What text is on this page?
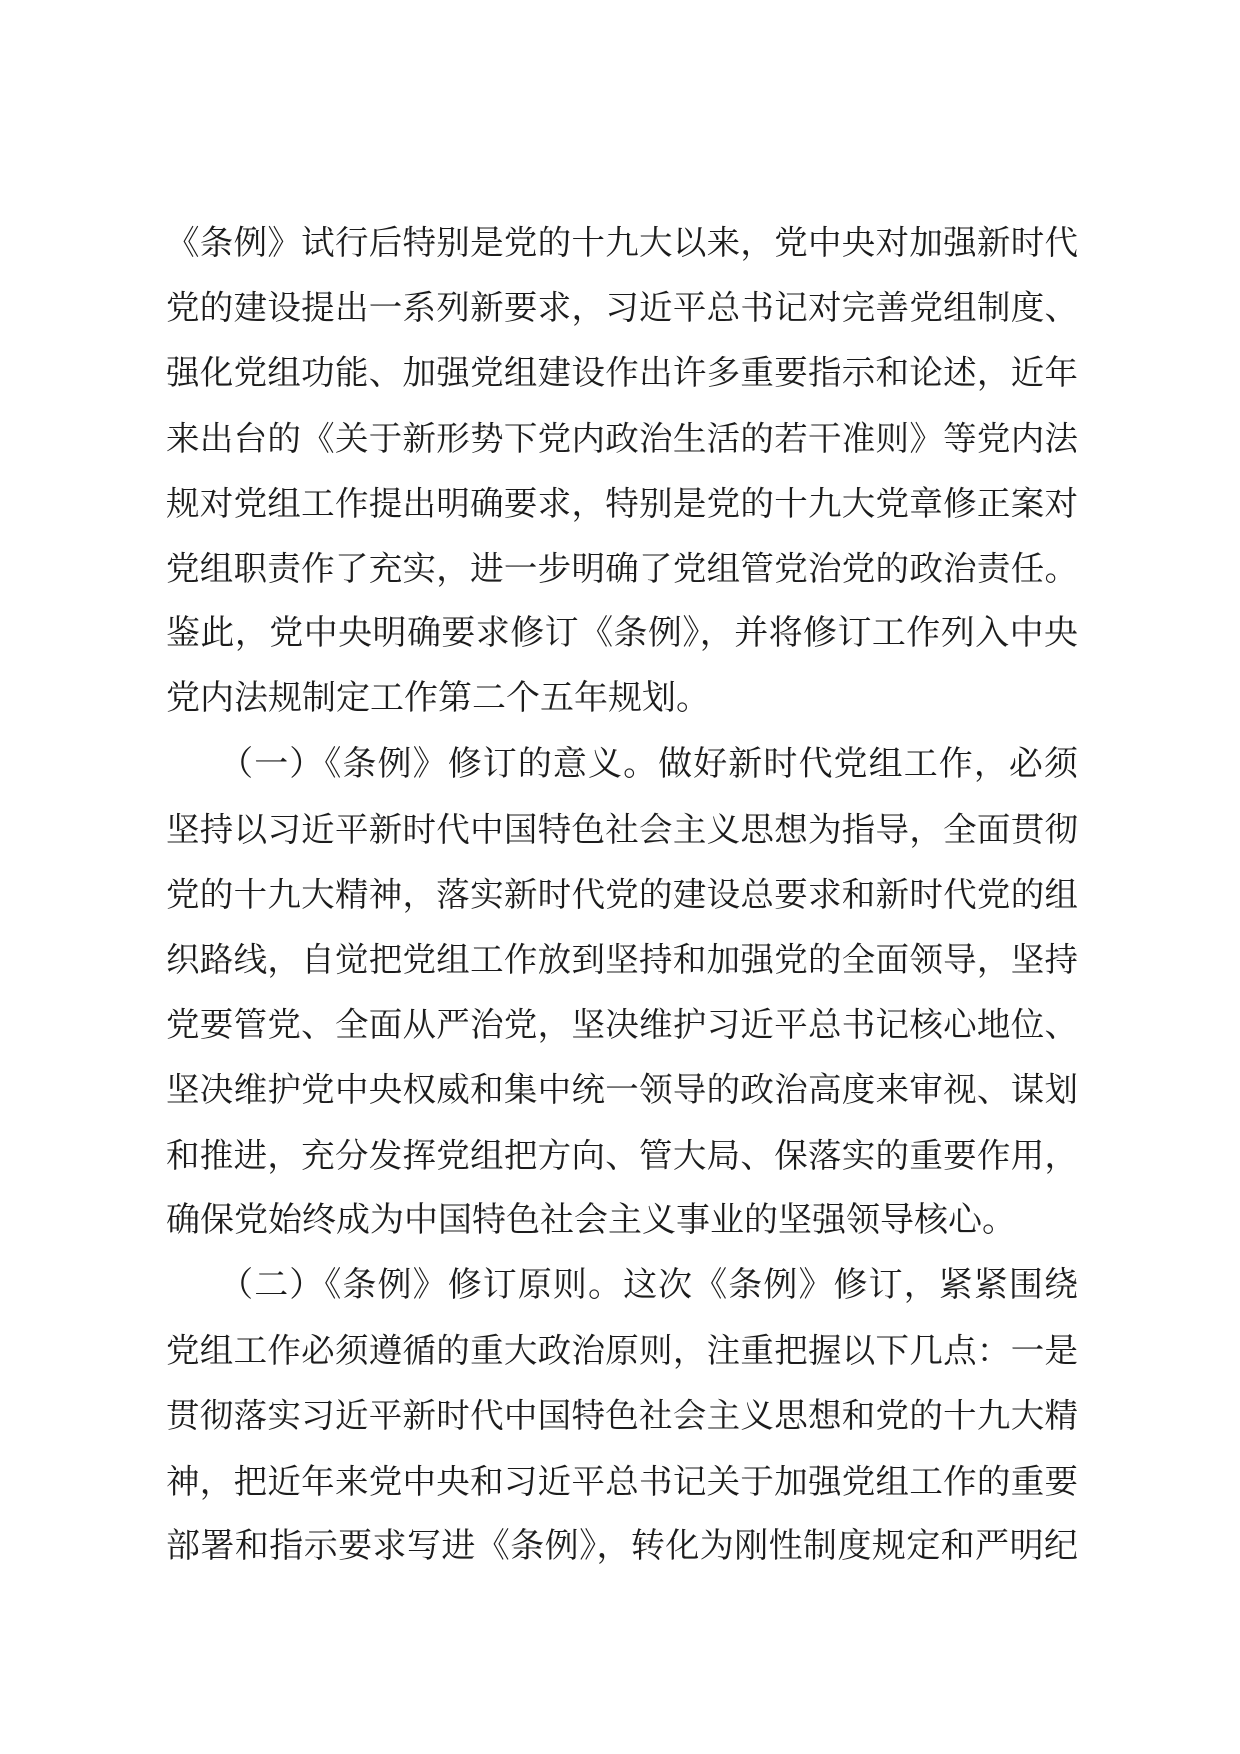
《条例》试行后特别是党的十九大以来，党中央对加强新时代
党的建设提出一系列新要求，习近平总书记对完善党组制度、
强化党组功能、加强党组建设作出许多重要指示和论述，近年
来出台的《关于新形势下党内政治生活的若干准则》等党内法
规对党组工作提出明确要求，特别是党的十九大党章修正案对
党组职责作了充实，进一步明确了党组管党治党的政治责任。
鉴此，党中央明确要求修订《条例》，并将修订工作列入中央
党内法规制定工作第二个五年规划。
　　（一）《条例》修订的意义。做好新时代党组工作，必须
坚持以习近平新时代中国特色社会主义思想为指导，全面贯彻
党的十九大精神，落实新时代党的建设总要求和新时代党的组
织路线，自觉把党组工作放到坚持和加强党的全面领导，坚持
党要管党、全面从严治党，坚决维护习近平总书记核心地位、
坚决维护党中央权威和集中统一领导的政治高度来审视、谋划
和推进，充分发挥党组把方向、管大局、保落实的重要作用，
确保党始终成为中国特色社会主义事业的坚强领导核心。
　　（二）《条例》修订原则。这次《条例》修订，紧紧围绕
党组工作必须遵循的重大政治原则，注重把握以下几点：一是
贯彻落实习近平新时代中国特色社会主义思想和党的十九大精
神，把近年来党中央和习近平总书记关于加强党组工作的重要
部署和指示要求写进《条例》，转化为刚性制度规定和严明纪
